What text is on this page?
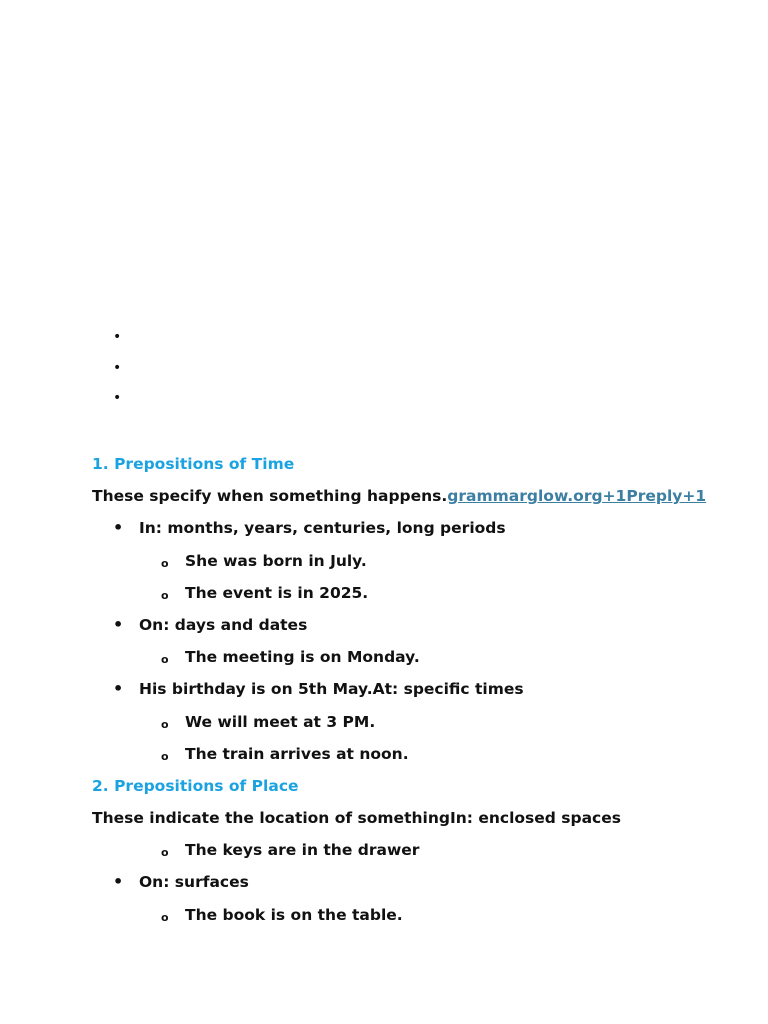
•
•
•
1. Prepositions of Time
These specify when something happens.grammarglow.org+1Preply+1
• In: months, years, centuries, long periods
o She was born in July.
o The event is in 2025.
• On: days and dates
o The meeting is on Monday.
• His birthday is on 5th May.At: specific times
o We will meet at 3 PM.
o The train arrives at noon.
2. Prepositions of Place
These indicate the location of somethingIn: enclosed spaces
o The keys are in the drawer
• On: surfaces
o The book is on the table.
